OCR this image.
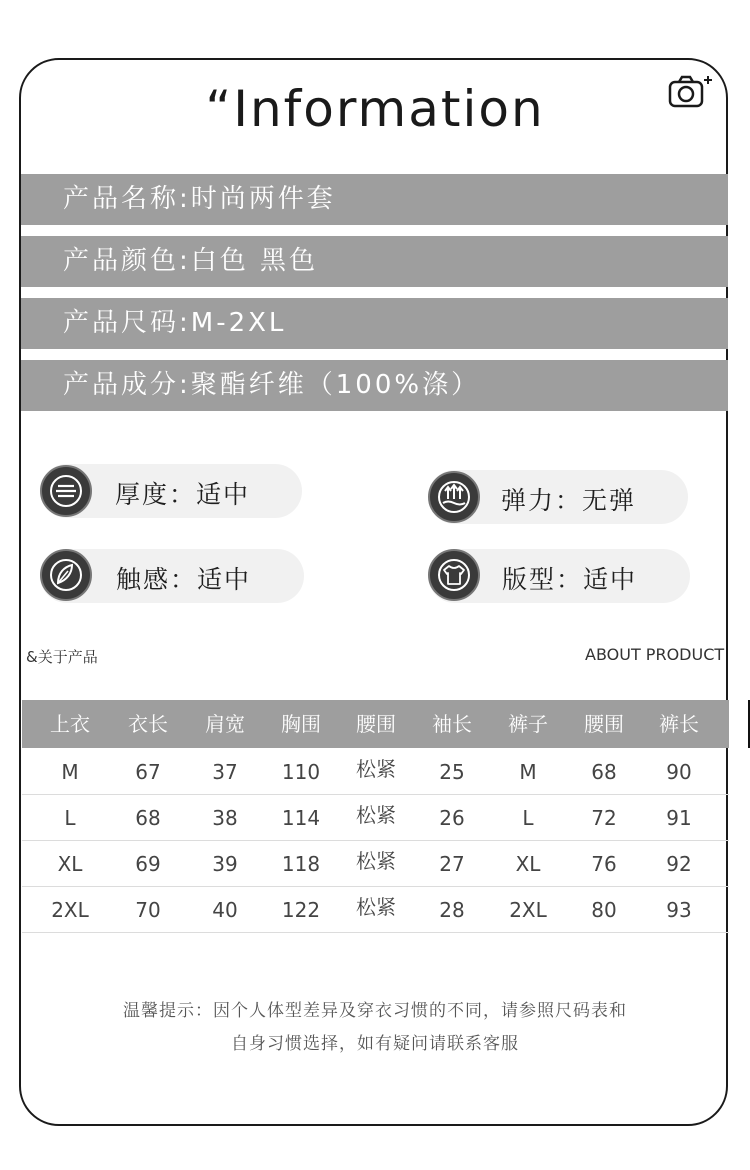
“Information
产品名称:时尚两件套
产品颜色:白色 黑色
产品尺码:M-2XL
产品成分:聚酯纤维（100%涤）
厚度：适中	弹力：无弹
触感：适中	版型：适中
&关于产品	ABOUT PRODUCT
上衣	衣长	肩宽	胸围	腰围	袖长	裤子	腰围	裤长
M	67	37	110	松紧	25	M	68	90
L	68	38	114	松紧	26	L	72	91
XL	69	39	118	松紧	27	XL	76	92
2XL	70	40	122	松紧	28	2XL	80	93
温馨提示：因个人体型差异及穿衣习惯的不同，请参照尺码表和
自身习惯选择，如有疑问请联系客服
